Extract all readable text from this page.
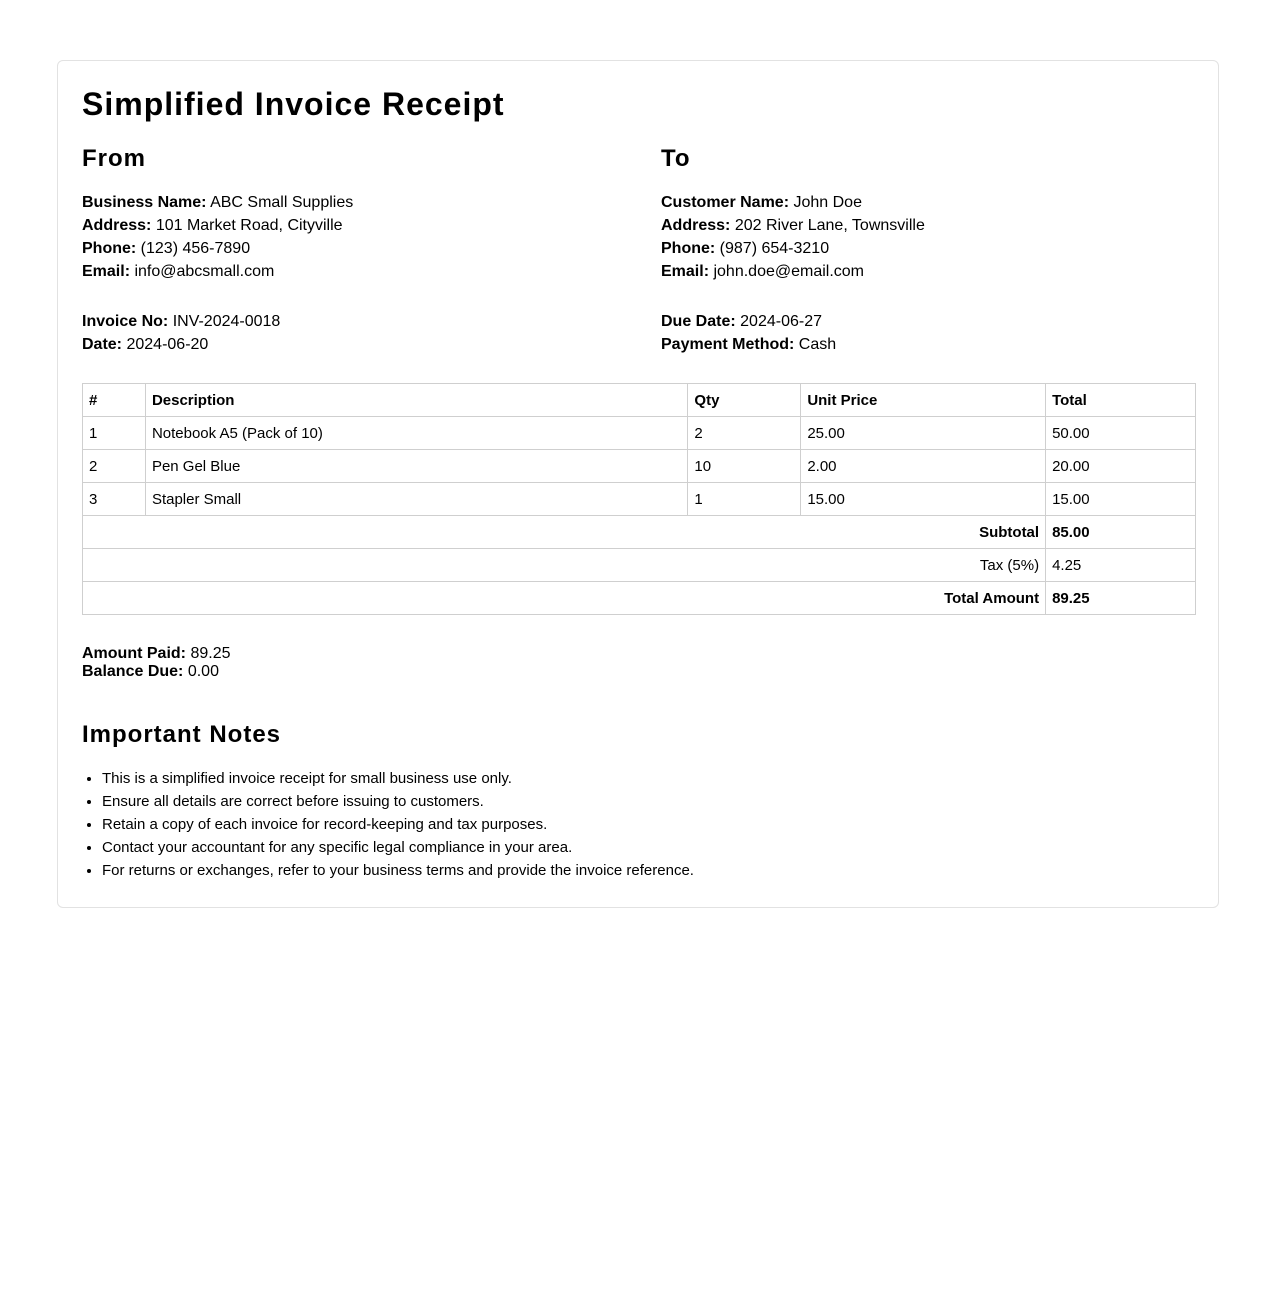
Simplified Invoice Receipt
From
Business Name: ABC Small Supplies
Address: 101 Market Road, Cityville
Phone: (123) 456-7890
Email: info@abcsmall.com
Invoice No: INV-2024-0018
Date: 2024-06-20
To
Customer Name: John Doe
Address: 202 River Lane, Townsville
Phone: (987) 654-3210
Email: john.doe@email.com
Due Date: 2024-06-27
Payment Method: Cash
#	Description	Qty	Unit Price	Total
1	Notebook A5 (Pack of 10)	2	25.00	50.00
2	Pen Gel Blue	10	2.00	20.00
3	Stapler Small	1	15.00	15.00
Subtotal				85.00
Tax (5%)				4.25
Total Amount				89.25
Amount Paid: 89.25
Balance Due: 0.00
Important Notes
• This is a simplified invoice receipt for small business use only.
• Ensure all details are correct before issuing to customers.
• Retain a copy of each invoice for record-keeping and tax purposes.
• Contact your accountant for any specific legal compliance in your area.
• For returns or exchanges, refer to your business terms and provide the invoice reference.
